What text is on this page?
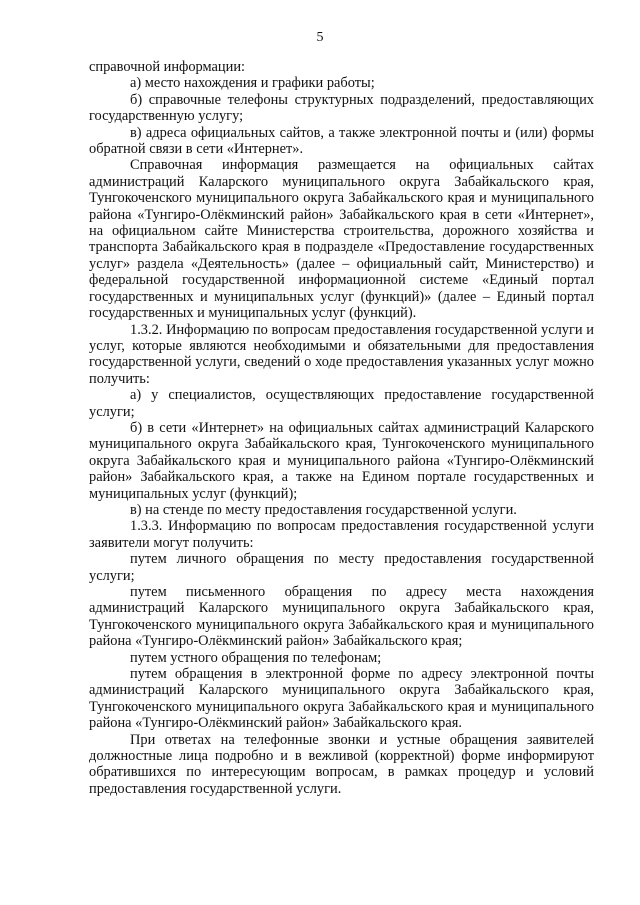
5

справочной информации:

а) место нахождения и графики работы;

б) справочные телефоны структурных подразделений, предоставляющих государственную услугу;

в) адреса официальных сайтов, а также электронной почты и (или) формы обратной связи в сети «Интернет».

Справочная информация размещается на официальных сайтах администраций Каларского муниципального округа Забайкальского края, Тунгокоченского муниципального округа Забайкальского края и муниципального района «Тунгиро-Олёкминский район» Забайкальского края в сети «Интернет», на официальном сайте Министерства строительства, дорожного хозяйства и транспорта Забайкальского края в подразделе «Предоставление государственных услуг» раздела «Деятельность» (далее – официальный сайт, Министерство) и федеральной государственной информационной системе «Единый портал государственных и муниципальных услуг (функций)» (далее – Единый портал государственных и муниципальных услуг (функций).

1.3.2. Информацию по вопросам предоставления государственной услуги и услуг, которые являются необходимыми и обязательными для предоставления государственной услуги, сведений о ходе предоставления указанных услуг можно получить:

а) у специалистов, осуществляющих предоставление государственной услуги;

б) в сети «Интернет» на официальных сайтах администраций Каларского муниципального округа Забайкальского края, Тунгокоченского муниципального округа Забайкальского края и муниципального района «Тунгиро-Олёкминский район» Забайкальского края, а также на Едином портале государственных и муниципальных услуг (функций);

в) на стенде по месту предоставления государственной услуги.

1.3.3. Информацию по вопросам предоставления государственной услуги заявители могут получить:

путем личного обращения по месту предоставления государственной услуги;

путем письменного обращения по адресу места нахождения администраций Каларского муниципального округа Забайкальского края, Тунгокоченского муниципального округа Забайкальского края и муниципального района «Тунгиро-Олёкминский район» Забайкальского края;

путем устного обращения по телефонам;

путем обращения в электронной форме по адресу электронной почты администраций Каларского муниципального округа Забайкальского края, Тунгокоченского муниципального округа Забайкальского края и муниципального района «Тунгиро-Олёкминский район» Забайкальского края.

При ответах на телефонные звонки и устные обращения заявителей должностные лица подробно и в вежливой (корректной) форме информируют обратившихся по интересующим вопросам, в рамках процедур и условий предоставления государственной услуги.
